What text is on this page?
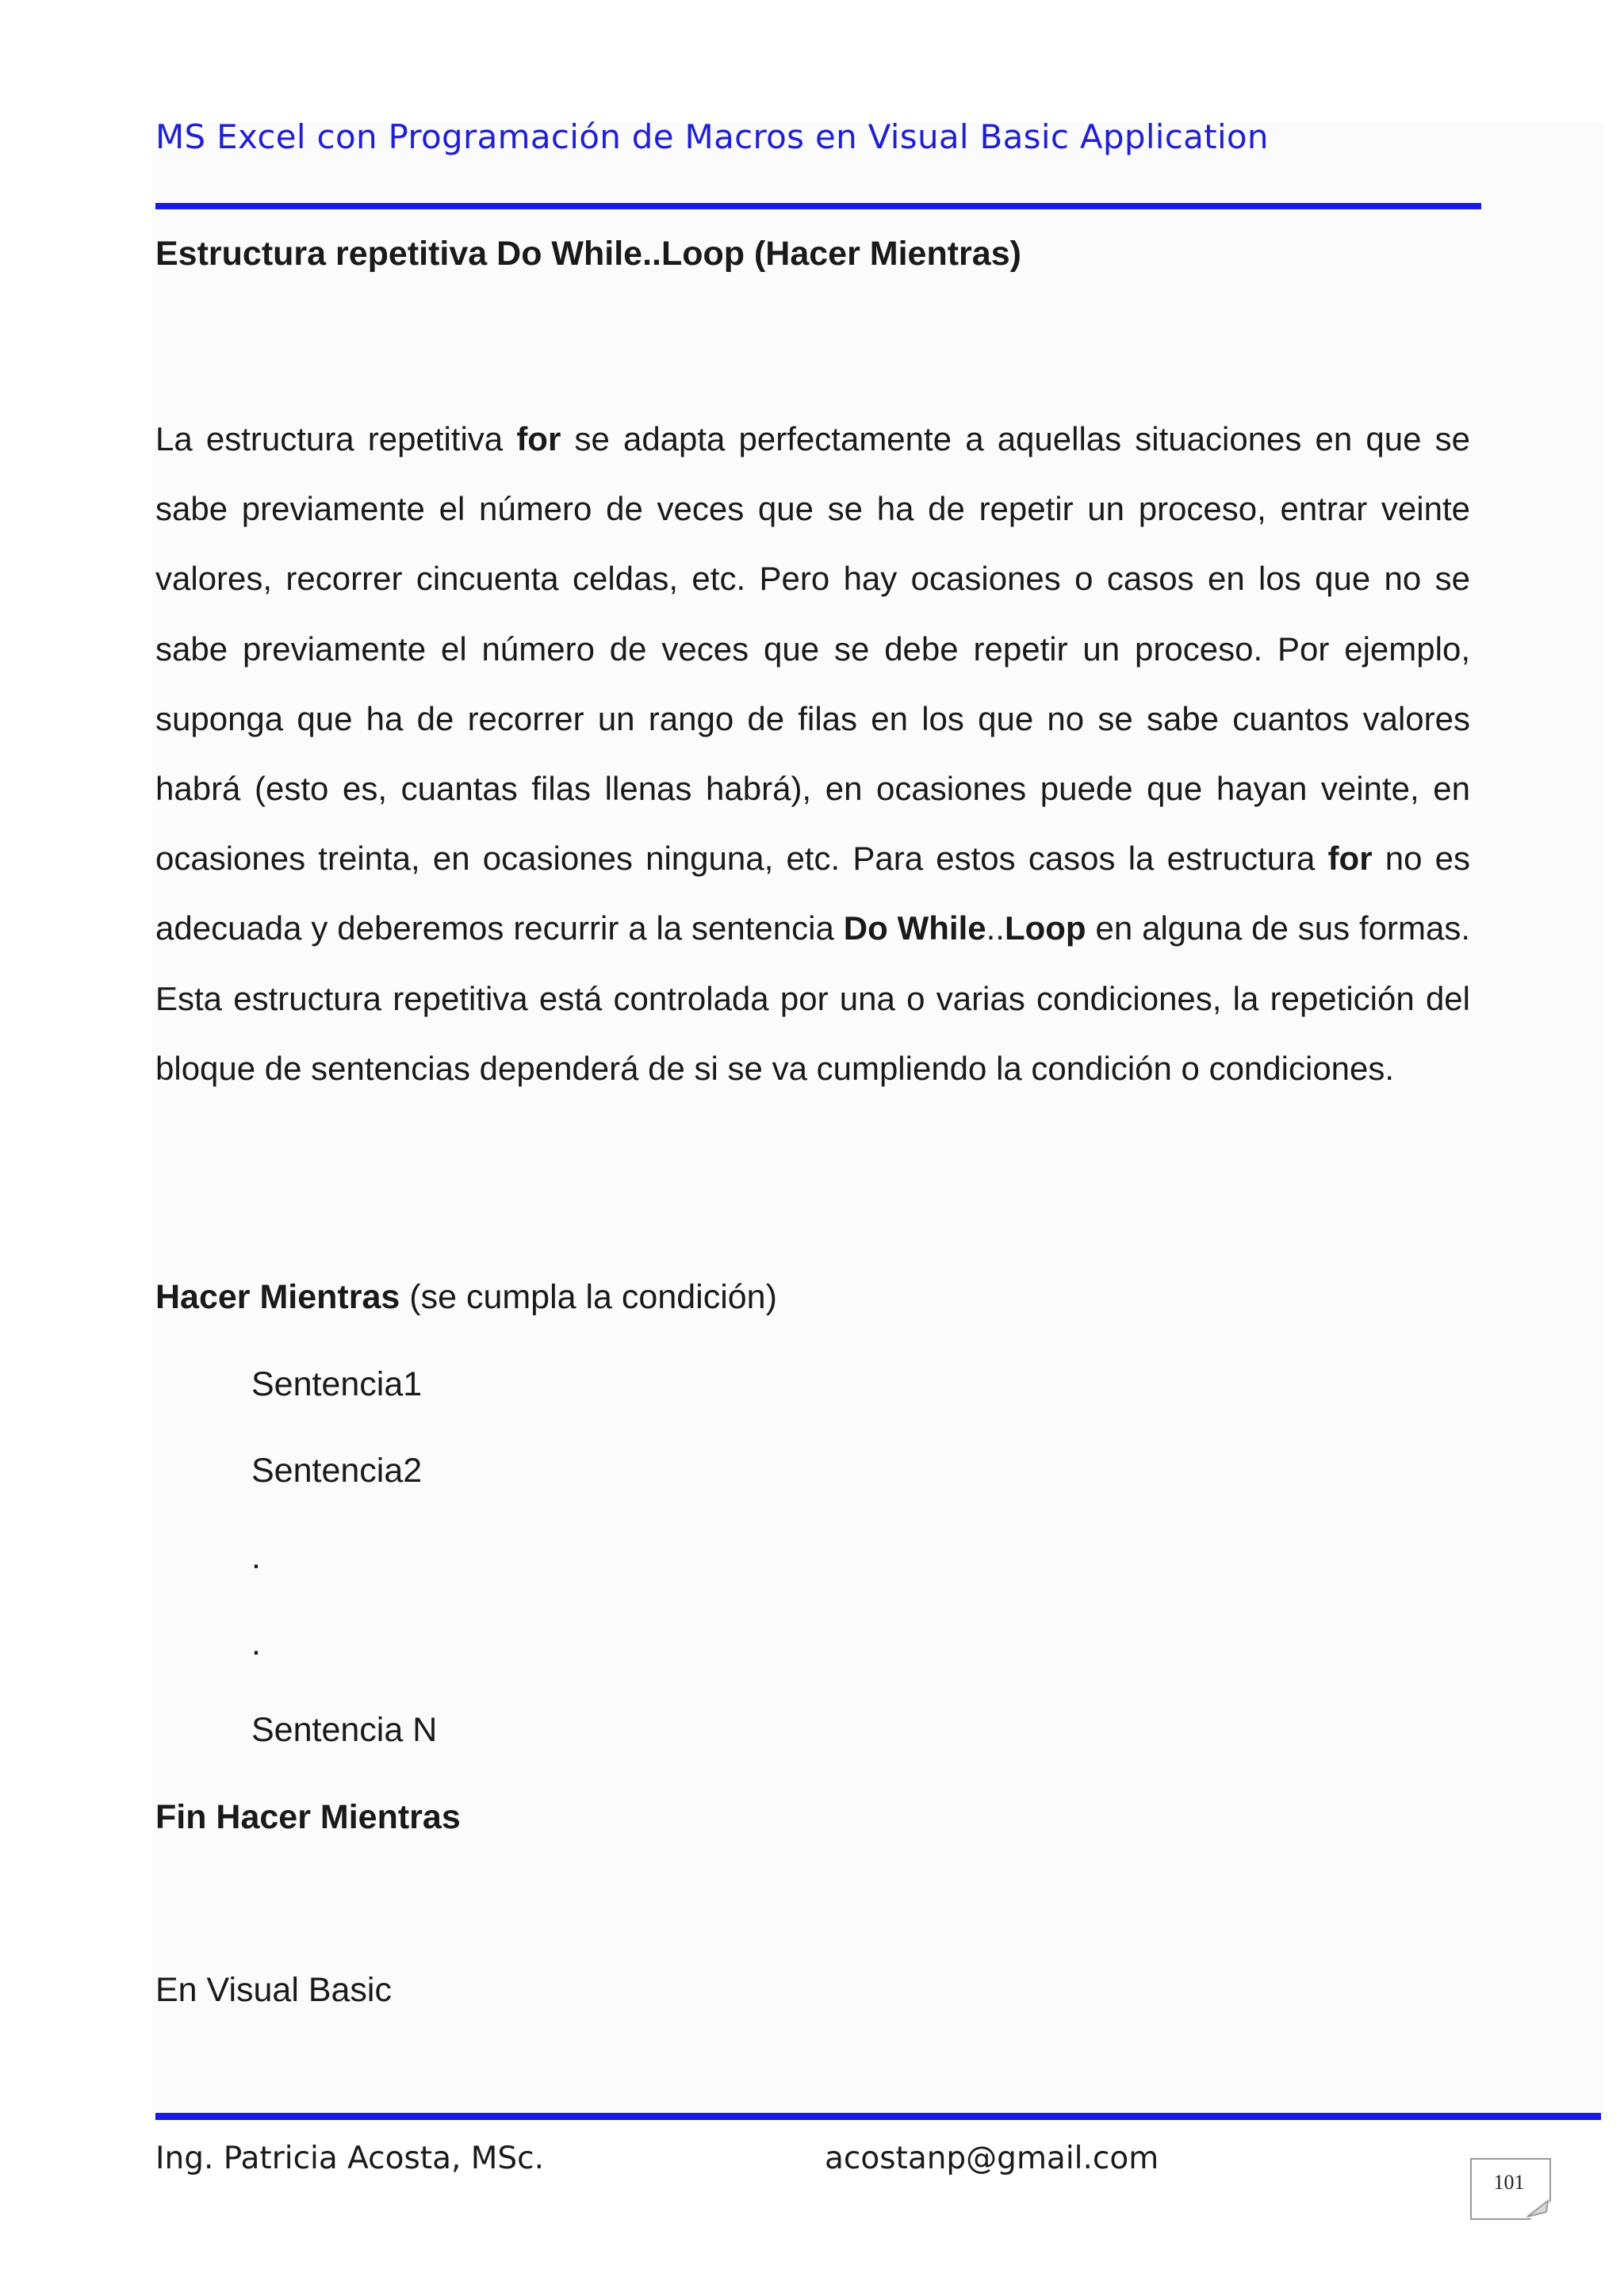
MS Excel con Programación de Macros en Visual Basic Application
Estructura repetitiva Do While..Loop (Hacer Mientras)

La estructura repetitiva for se adapta perfectamente a aquellas situaciones en que se sabe previamente el número de veces que se ha de repetir un proceso, entrar veinte valores, recorrer cincuenta celdas, etc. Pero hay ocasiones o casos en los que no se sabe previamente el número de veces que se debe repetir un proceso. Por ejemplo, suponga que ha de recorrer un rango de filas en los que no se sabe cuantos valores habrá (esto es, cuantas filas llenas habrá), en ocasiones puede que hayan veinte, en ocasiones treinta, en ocasiones ninguna, etc. Para estos casos la estructura for no es adecuada y deberemos recurrir a la sentencia Do While..Loop en alguna de sus formas. Esta estructura repetitiva está controlada por una o varias condiciones, la repetición del bloque de sentencias dependerá de si se va cumpliendo la condición o condiciones.

Hacer Mientras (se cumpla la condición)
Sentencia1
Sentencia2
.
.
Sentencia N
Fin Hacer Mientras
En Visual Basic
Ing. Patricia Acosta, MSc.	acostanp@gmail.com
101
